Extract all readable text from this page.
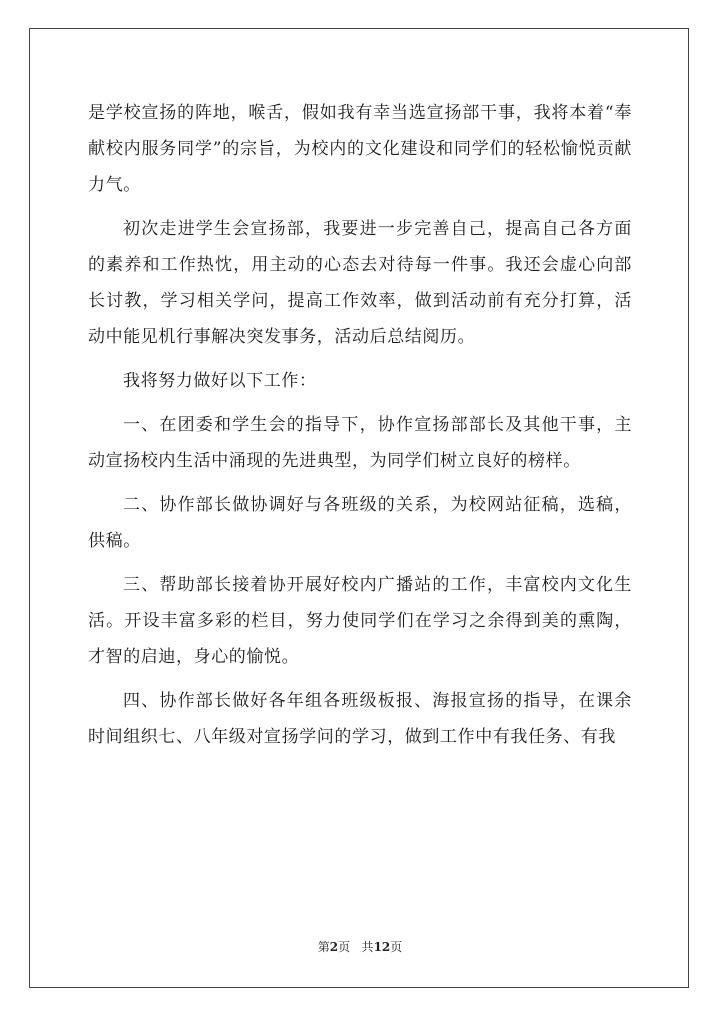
是学校宣扬的阵地，喉舌，假如我有幸当选宣扬部干事，我将本着“奉献校内服务同学”的宗旨，为校内的文化建设和同学们的轻松愉悦贡献力气。

初次走进学生会宣扬部，我要进一步完善自己，提高自己各方面的素养和工作热忱，用主动的心态去对待每一件事。我还会虚心向部长讨教，学习相关学问，提高工作效率，做到活动前有充分打算，活动中能见机行事解决突发事务，活动后总结阅历。

我将努力做好以下工作：

一、在团委和学生会的指导下，协作宣扬部部长及其他干事，主动宣扬校内生活中涌现的先进典型，为同学们树立良好的榜样。

二、协作部长做协调好与各班级的关系，为校网站征稿，选稿，供稿。

三、帮助部长接着协开展好校内广播站的工作，丰富校内文化生活。开设丰富多彩的栏目，努力使同学们在学习之余得到美的熏陶，才智的启迪，身心的愉悦。

四、协作部长做好各年组各班级板报、海报宣扬的指导，在课余时间组织七、八年级对宣扬学问的学习，做到工作中有我任务、有我

第2页 共12页
